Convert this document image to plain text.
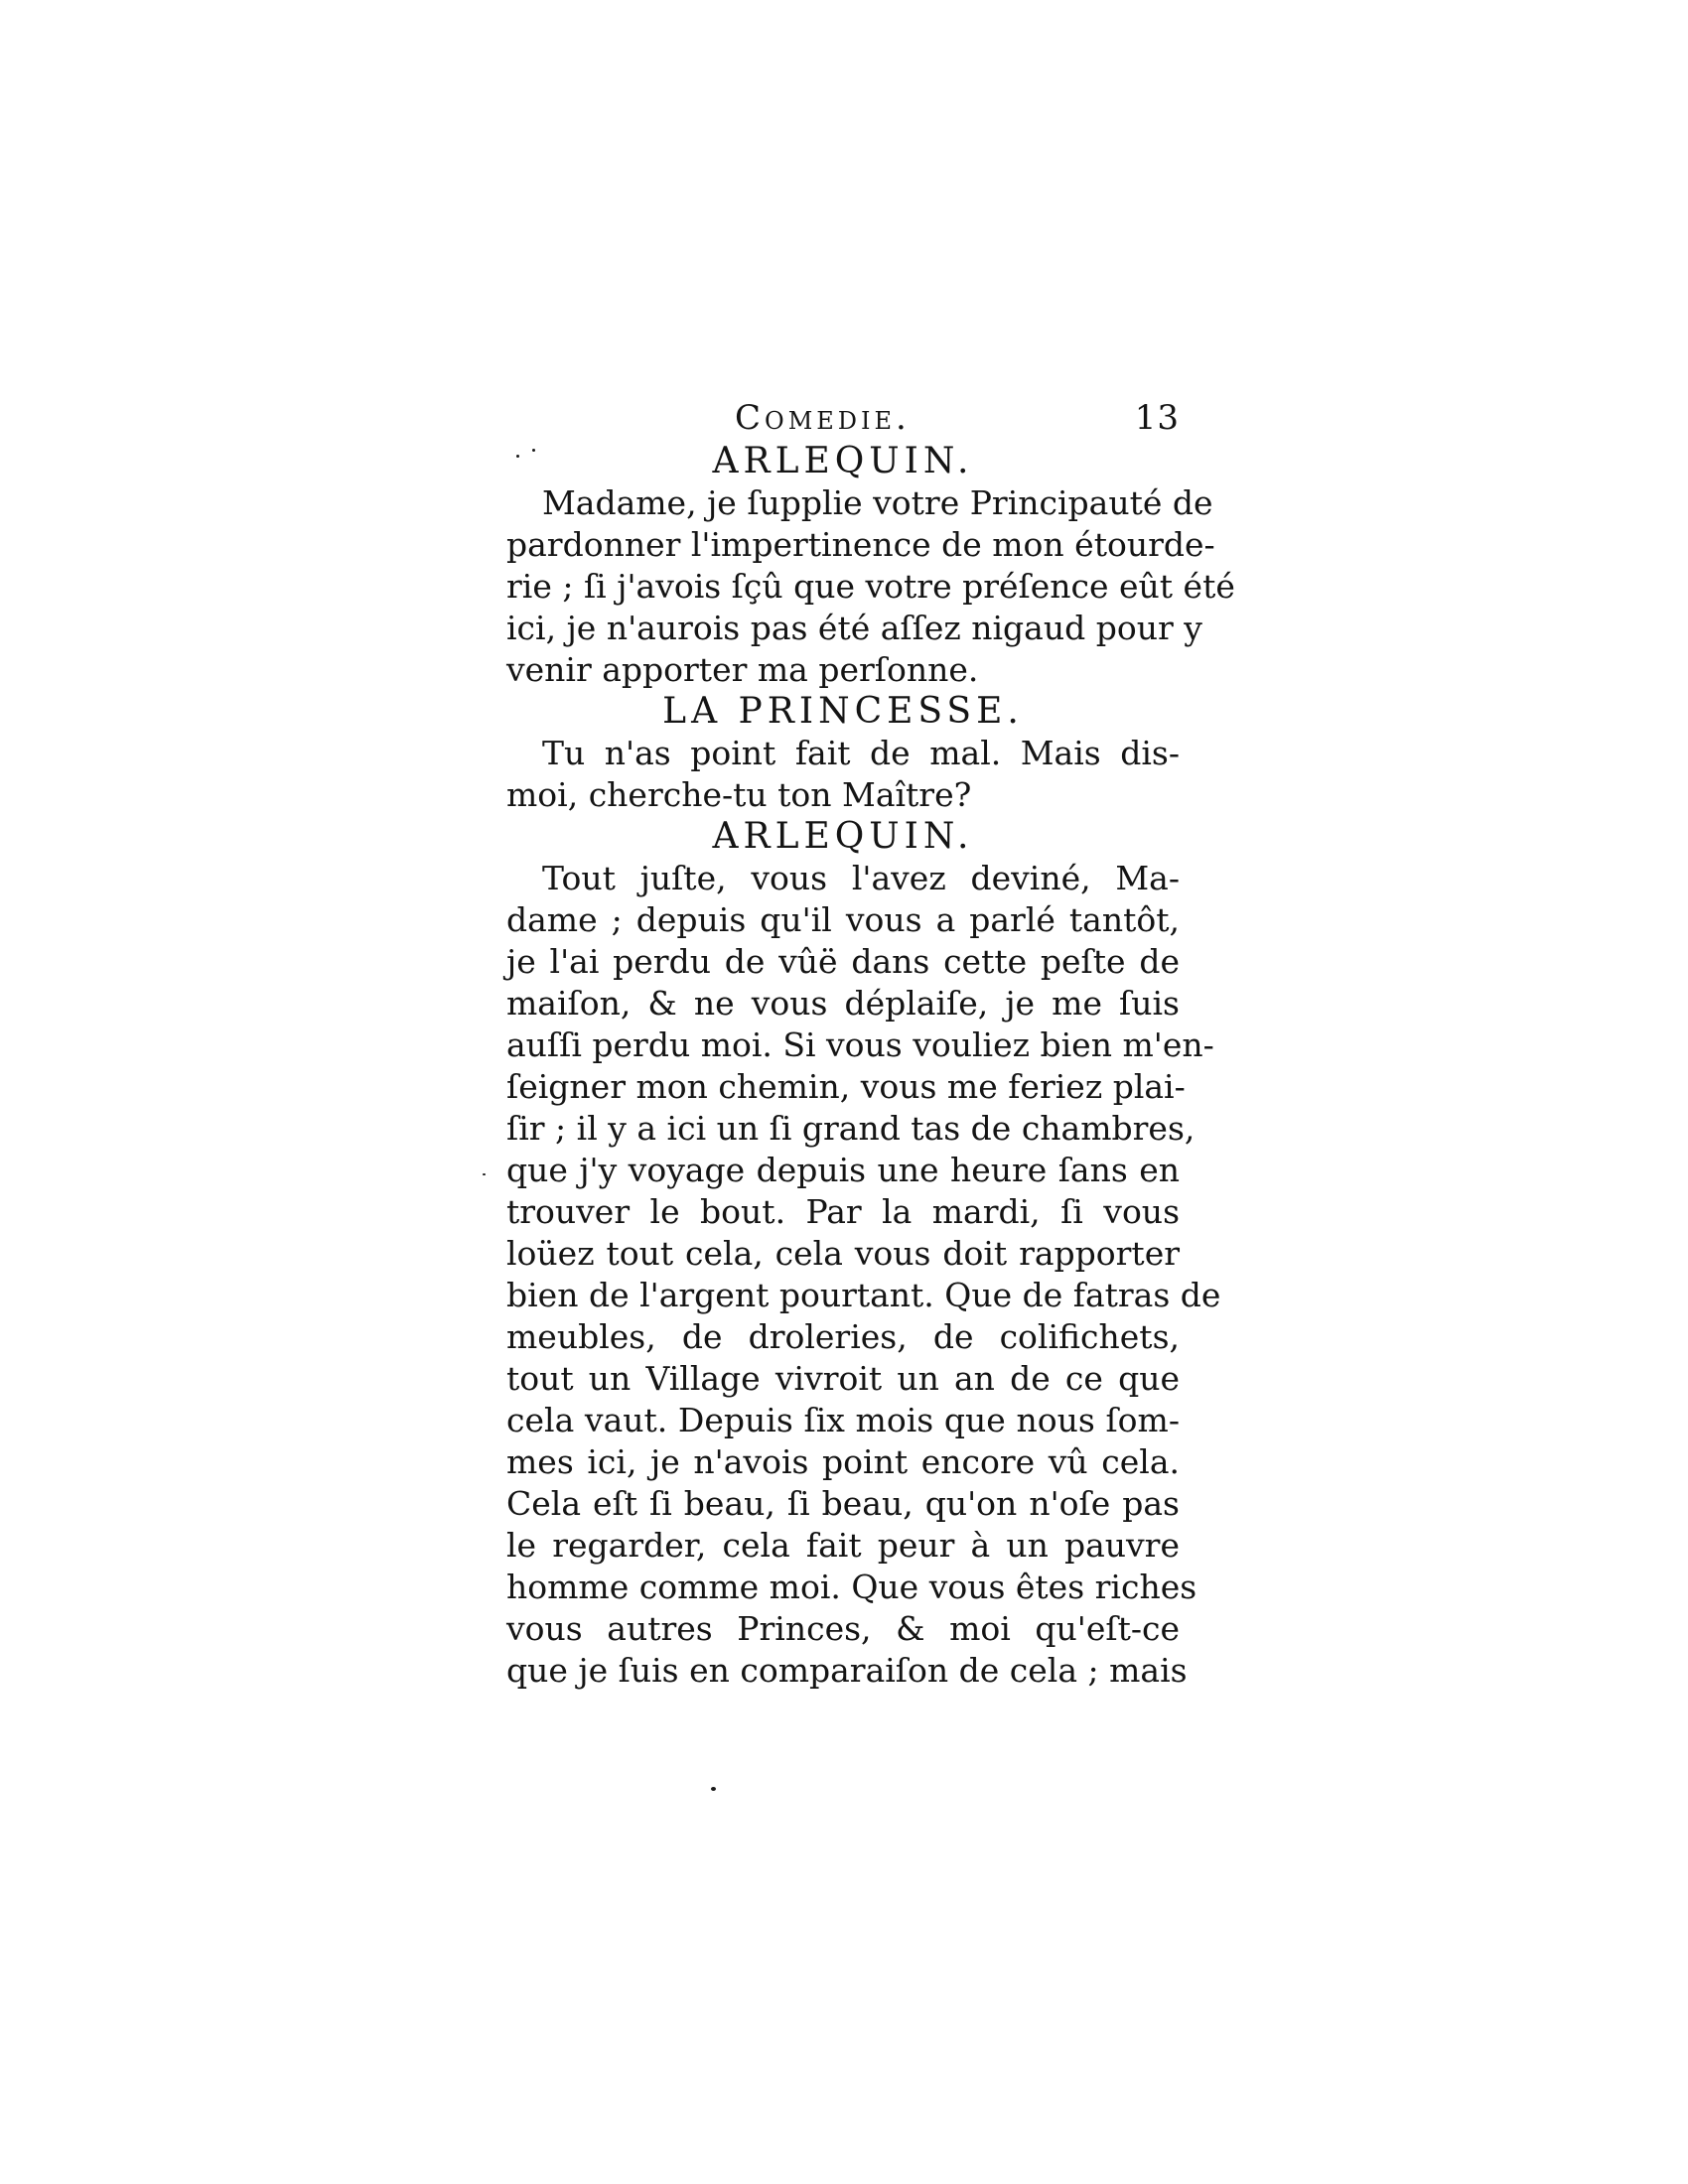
Comedie.	13

ARLEQUIN.

Madame, je ſupplie votre Principauté de
pardonner l'impertinence de mon étourde-
rie ; ſi j'avois ſçû que votre préſence eût été
ici, je n'aurois pas été aſſez nigaud pour y
venir apporter ma perſonne.

LA PRINCESSE.

Tu n'as point fait de mal. Mais dis-
moi, cherche-tu ton Maître?

ARLEQUIN.

Tout juſte, vous l'avez deviné, Ma-
dame ; depuis qu'il vous a parlé tantôt,
je l'ai perdu de vûë dans cette peſte de
maiſon, & ne vous déplaiſe, je me ſuis
auſſi perdu moi. Si vous vouliez bien m'en-
ſeigner mon chemin, vous me feriez plai-
ſir ; il y a ici un ſi grand tas de chambres,
que j'y voyage depuis une heure ſans en
trouver le bout. Par la mardi, ſi vous
loüez tout cela, cela vous doit rapporter
bien de l'argent pourtant. Que de fatras de
meubles, de droleries, de colifichets,
tout un Village vivroit un an de ce que
cela vaut. Depuis ſix mois que nous ſom-
mes ici, je n'avois point encore vû cela.
Cela eſt ſi beau, ſi beau, qu'on n'oſe pas
le regarder, cela fait peur à un pauvre
homme comme moi. Que vous êtes riches
vous autres Princes, & moi qu'eſt-ce
que je ſuis en comparaiſon de cela ; mais
